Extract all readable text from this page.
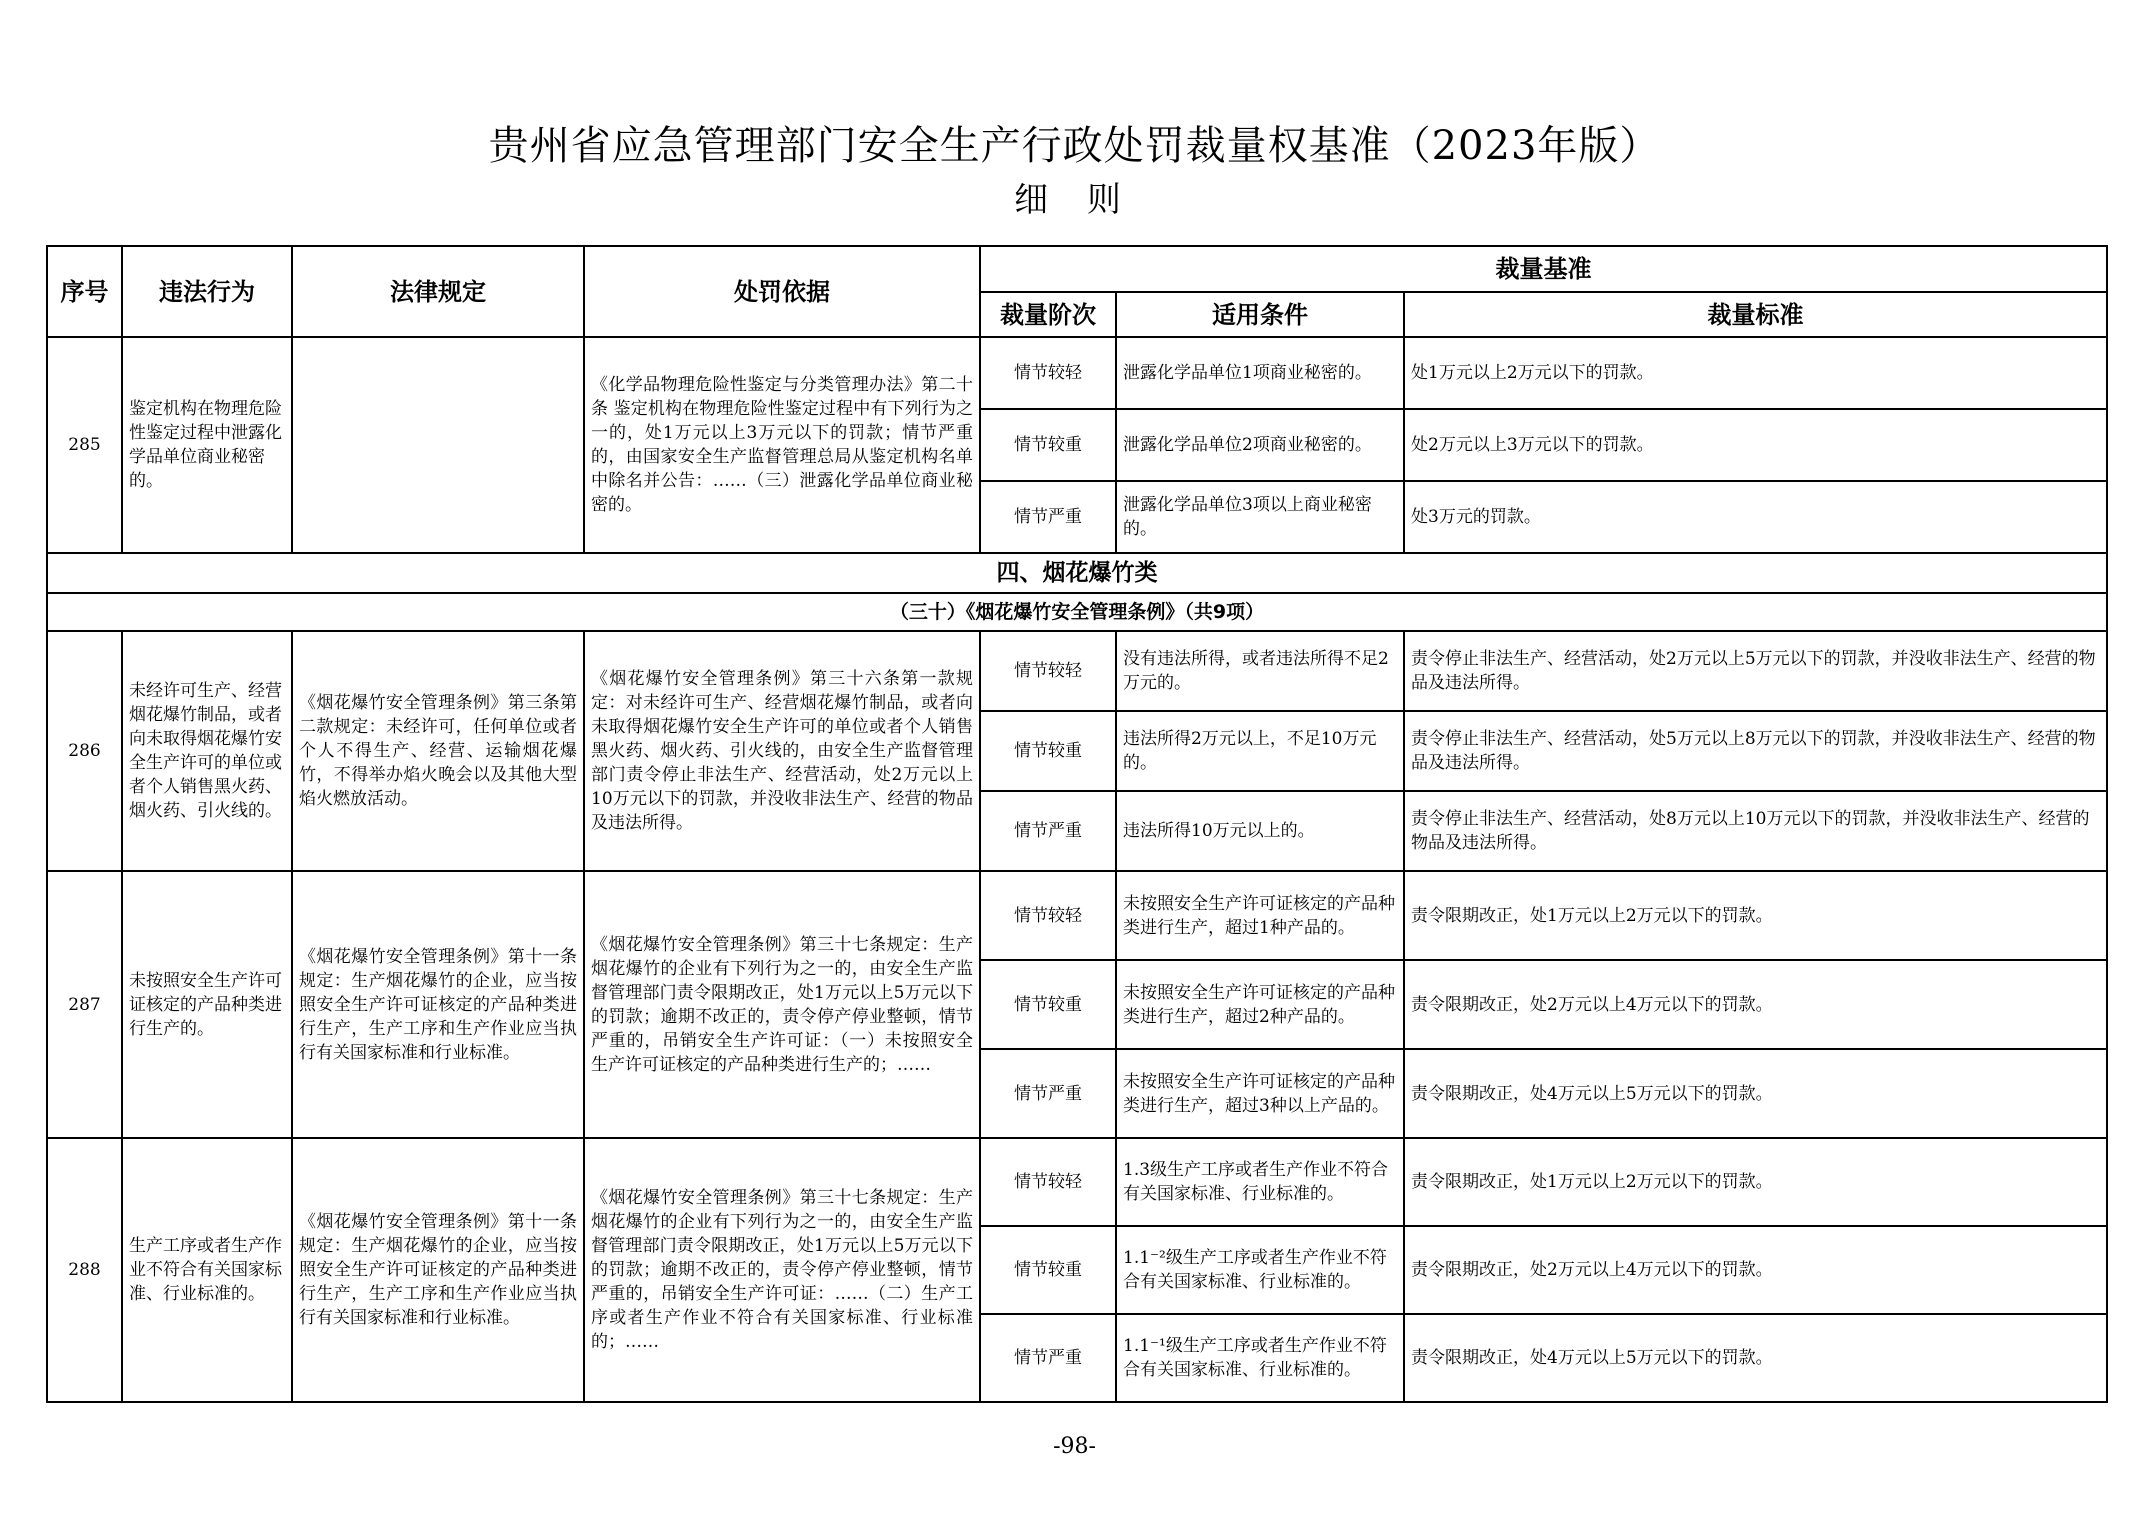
贵州省应急管理部门安全生产行政处罚裁量权基准（2023年版）
细 则
序号	违法行为	法律规定	处罚依据	裁量基准		
				裁量阶次	适用条件	裁量标准
285	鉴定机构在物理危险性鉴定过程中泄露化学品单位商业秘密的。		《化学品物理危险性鉴定与分类管理办法》第二十条 鉴定机构在物理危险性鉴定过程中有下列行为之一的，处1万元以上3万元以下的罚款；情节严重的，由国家安全生产监督管理总局从鉴定机构名单中除名并公告：……（三）泄露化学品单位商业秘密的。	情节较轻	泄露化学品单位1项商业秘密的。	处1万元以上2万元以下的罚款。
				情节较重	泄露化学品单位2项商业秘密的。	处2万元以上3万元以下的罚款。
				情节严重	泄露化学品单位3项以上商业秘密的。	处3万元的罚款。
四、烟花爆竹类						
（三十）《烟花爆竹安全管理条例》（共9项）						
286	未经许可生产、经营烟花爆竹制品，或者向未取得烟花爆竹安全生产许可的单位或者个人销售黑火药、烟火药、引火线的。	《烟花爆竹安全管理条例》第三条第二款规定：未经许可，任何单位或者个人不得生产、经营、运输烟花爆竹，不得举办焰火晚会以及其他大型焰火燃放活动。	《烟花爆竹安全管理条例》第三十六条第一款规定：对未经许可生产、经营烟花爆竹制品，或者向未取得烟花爆竹安全生产许可的单位或者个人销售黑火药、烟火药、引火线的，由安全生产监督管理部门责令停止非法生产、经营活动，处2万元以上10万元以下的罚款，并没收非法生产、经营的物品及违法所得。	情节较轻	没有违法所得，或者违法所得不足2万元的。	责令停止非法生产、经营活动，处2万元以上5万元以下的罚款，并没收非法生产、经营的物品及违法所得。
				情节较重	违法所得2万元以上，不足10万元的。	责令停止非法生产、经营活动，处5万元以上8万元以下的罚款，并没收非法生产、经营的物品及违法所得。
				情节严重	违法所得10万元以上的。	责令停止非法生产、经营活动，处8万元以上10万元以下的罚款，并没收非法生产、经营的物品及违法所得。
287	未按照安全生产许可证核定的产品种类进行生产的。	《烟花爆竹安全管理条例》第十一条规定：生产烟花爆竹的企业，应当按照安全生产许可证核定的产品种类进行生产，生产工序和生产作业应当执行有关国家标准和行业标准。	《烟花爆竹安全管理条例》第三十七条规定：生产烟花爆竹的企业有下列行为之一的，由安全生产监督管理部门责令限期改正，处1万元以上5万元以下的罚款；逾期不改正的，责令停产停业整顿，情节严重的，吊销安全生产许可证：（一）未按照安全生产许可证核定的产品种类进行生产的；……	情节较轻	未按照安全生产许可证核定的产品种类进行生产，超过1种产品的。	责令限期改正，处1万元以上2万元以下的罚款。
				情节较重	未按照安全生产许可证核定的产品种类进行生产，超过2种产品的。	责令限期改正，处2万元以上4万元以下的罚款。
				情节严重	未按照安全生产许可证核定的产品种类进行生产，超过3种以上产品的。	责令限期改正，处4万元以上5万元以下的罚款。
288	生产工序或者生产作业不符合有关国家标准、行业标准的。	《烟花爆竹安全管理条例》第十一条规定：生产烟花爆竹的企业，应当按照安全生产许可证核定的产品种类进行生产，生产工序和生产作业应当执行有关国家标准和行业标准。	《烟花爆竹安全管理条例》第三十七条规定：生产烟花爆竹的企业有下列行为之一的，由安全生产监督管理部门责令限期改正，处1万元以上5万元以下的罚款；逾期不改正的，责令停产停业整顿，情节严重的，吊销安全生产许可证：……（二）生产工序或者生产作业不符合有关国家标准、行业标准的；……	情节较轻	1.3级生产工序或者生产作业不符合有关国家标准、行业标准的。	责令限期改正，处1万元以上2万元以下的罚款。
				情节较重	1.1⁻²级生产工序或者生产作业不符合有关国家标准、行业标准的。	责令限期改正，处2万元以上4万元以下的罚款。
				情节严重	1.1⁻¹级生产工序或者生产作业不符合有关国家标准、行业标准的。	责令限期改正，处4万元以上5万元以下的罚款。
-98-
